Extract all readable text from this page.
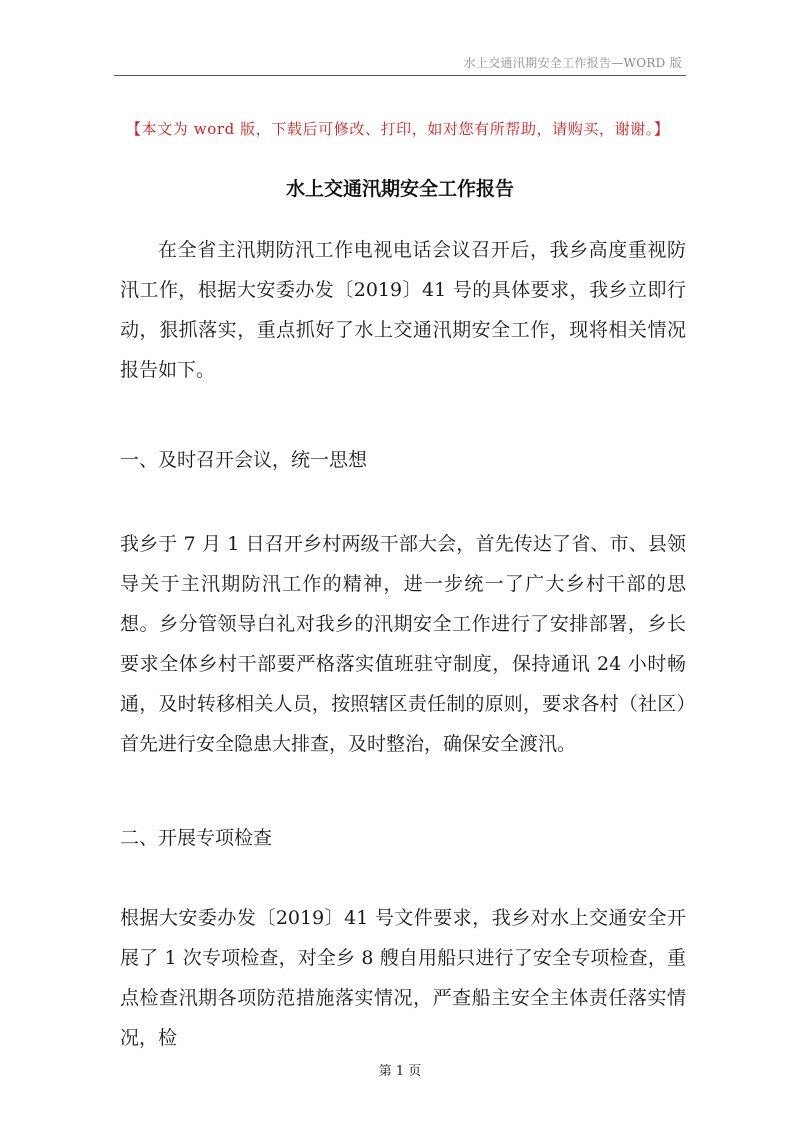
水上交通汛期安全工作报告—WORD 版
【本文为 word 版，下载后可修改、打印，如对您有所帮助，请购买，谢谢。】
水上交通汛期安全工作报告
在全省主汛期防汛工作电视电话会议召开后，我乡高度重视防汛工作，根据大安委办发〔2019〕41 号的具体要求，我乡立即行动，狠抓落实，重点抓好了水上交通汛期安全工作，现将相关情况报告如下。
一、及时召开会议，统一思想
我乡于 7 月 1 日召开乡村两级干部大会，首先传达了省、市、县领导关于主汛期防汛工作的精神，进一步统一了广大乡村干部的思想。乡分管领导白礼对我乡的汛期安全工作进行了安排部署，乡长要求全体乡村干部要严格落实值班驻守制度，保持通讯 24 小时畅通，及时转移相关人员，按照辖区责任制的原则，要求各村（社区）首先进行安全隐患大排查，及时整治，确保安全渡汛。
二、开展专项检查
根据大安委办发〔2019〕41 号文件要求，我乡对水上交通安全开展了 1 次专项检查，对全乡 8 艘自用船只进行了安全专项检查，重点检查汛期各项防范措施落实情况，严查船主安全主体责任落实情况，检
第 1 页
